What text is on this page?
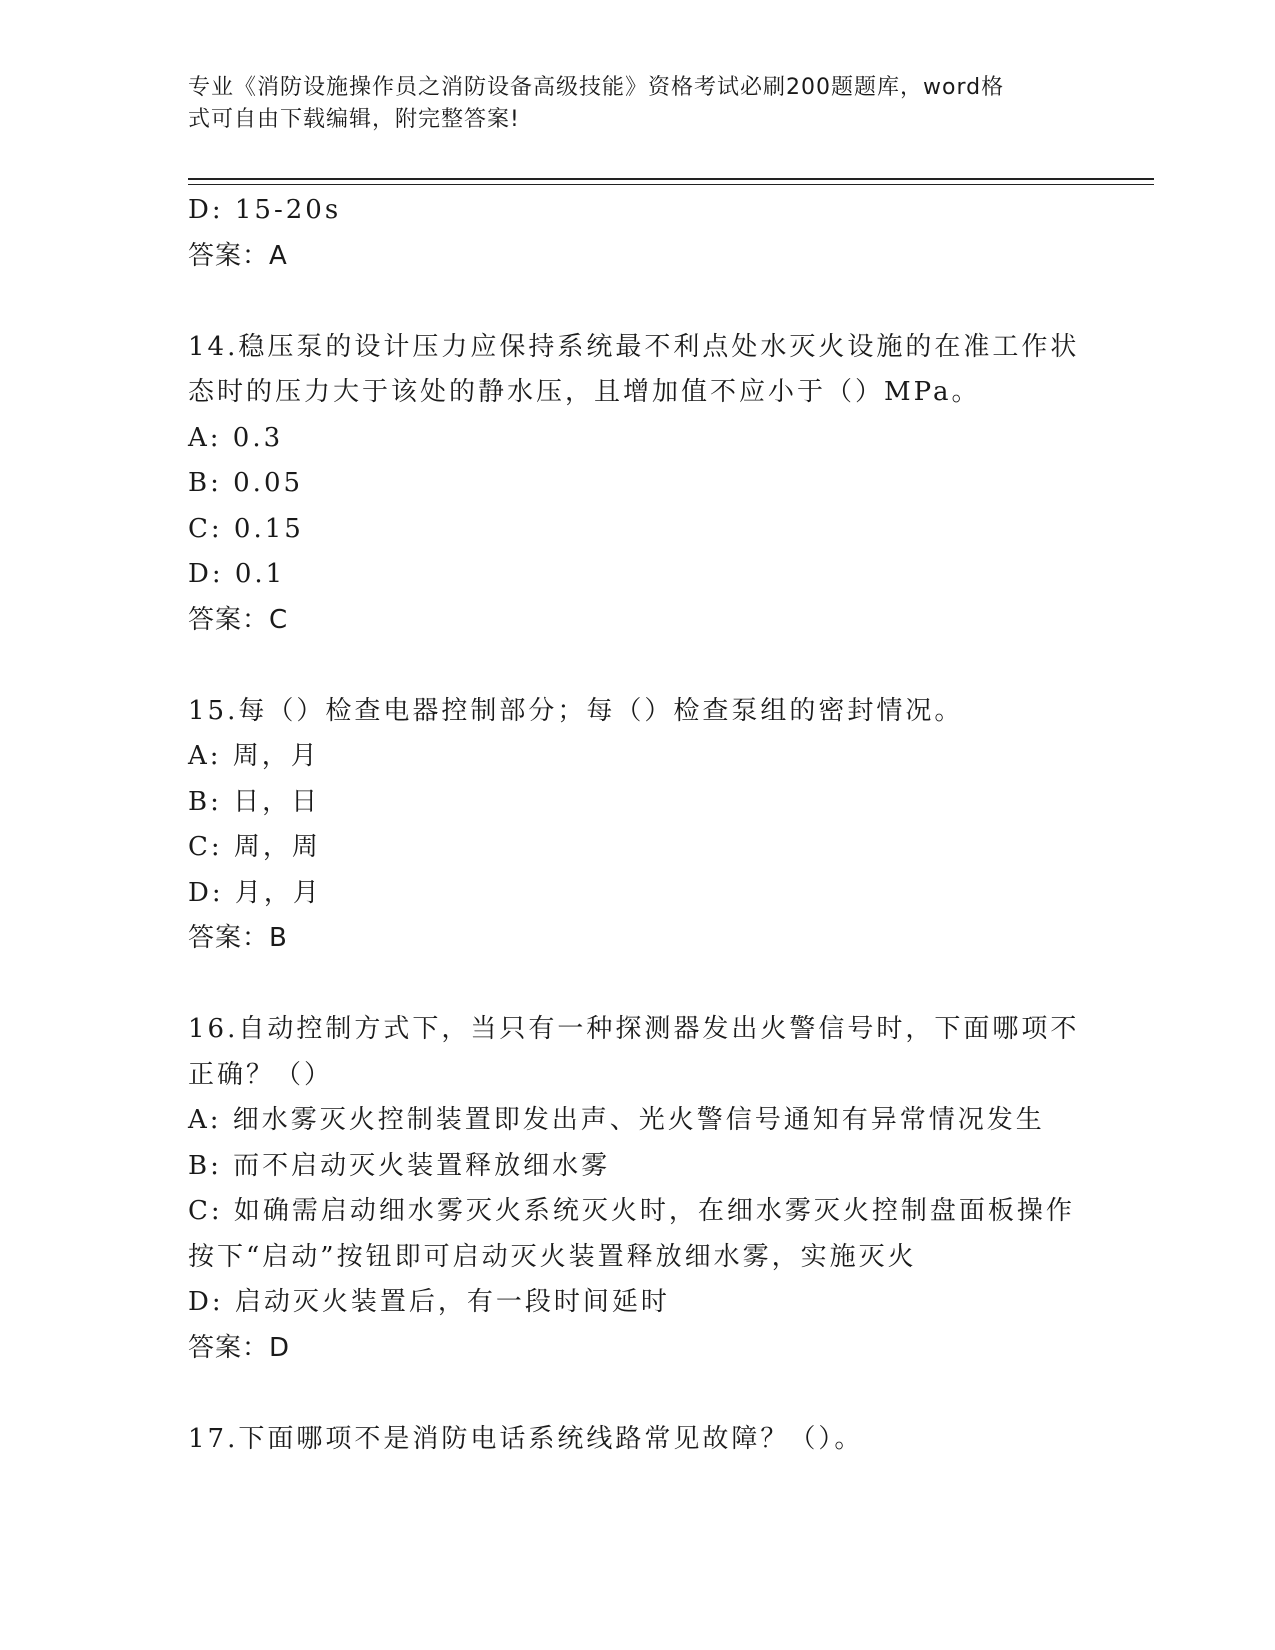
专业《消防设施操作员之消防设备高级技能》资格考试必刷200题题库，word格
式可自由下载编辑，附完整答案!
D: 15-20s
答案：A
14.稳压泵的设计压力应保持系统最不利点处水灭火设施的在准工作状
态时的压力大于该处的静水压，且增加值不应小于（）MPa。
A: 0.3
B: 0.05
C: 0.15
D: 0.1
答案：C
15.每（）检查电器控制部分；每（）检查泵组的密封情况。
A: 周，月
B: 日，日
C: 周，周
D: 月，月
答案：B
16.自动控制方式下，当只有一种探测器发出火警信号时，下面哪项不
正确？（）
A: 细水雾灭火控制装置即发出声、光火警信号通知有异常情况发生
B: 而不启动灭火装置释放细水雾
C: 如确需启动细水雾灭火系统灭火时，在细水雾灭火控制盘面板操作
按下“启动”按钮即可启动灭火装置释放细水雾，实施灭火
D: 启动灭火装置后，有一段时间延时
答案：D
17.下面哪项不是消防电话系统线路常见故障？（）。
